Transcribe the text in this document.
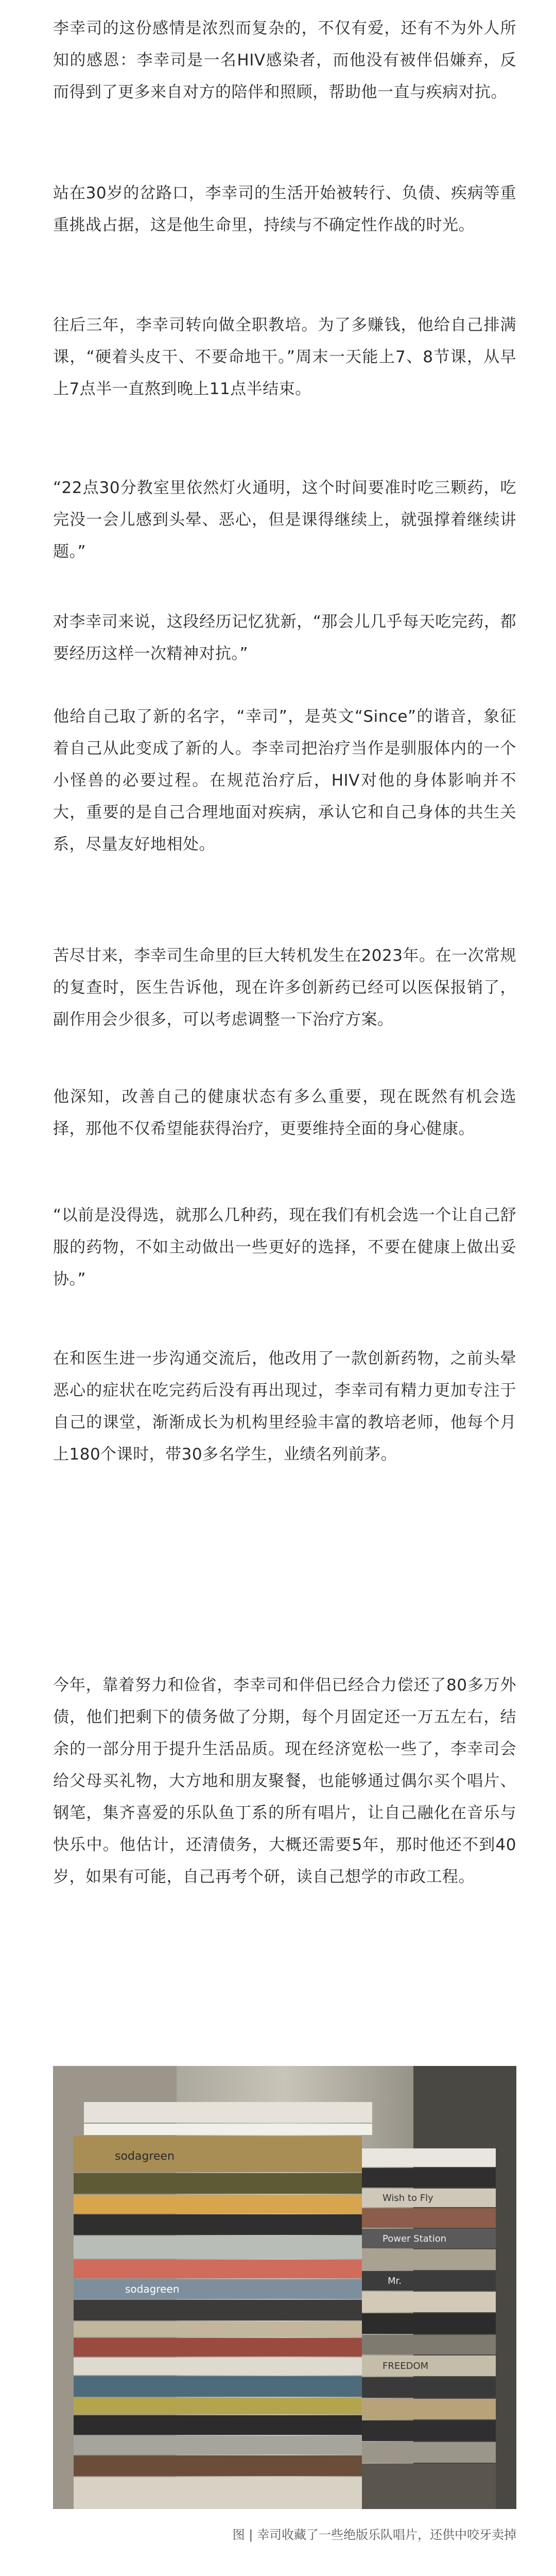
李幸司的这份感情是浓烈而复杂的，不仅有爱，还有不为外人所知的感恩：李幸司是一名HIV感染者，而他没有被伴侣嫌弃，反而得到了更多来自对方的陪伴和照顾，帮助他一直与疾病对抗。

站在30岁的岔路口，李幸司的生活开始被转行、负债、疾病等重重挑战占据，这是他生命里，持续与不确定性作战的时光。

往后三年，李幸司转向做全职教培。为了多赚钱，他给自己排满课，“硬着头皮干、不要命地干。”周末一天能上7、8节课，从早上7点半一直熬到晚上11点半结束。

“22点30分教室里依然灯火通明，这个时间要准时吃三颗药，吃完没一会儿感到头晕、恶心，但是课得继续上，就强撑着继续讲题。”

对李幸司来说，这段经历记忆犹新，“那会儿几乎每天吃完药，都要经历这样一次精神对抗。”

他给自己取了新的名字，“幸司”，是英文“Since”的谐音，象征着自己从此变成了新的人。李幸司把治疗当作是驯服体内的一个小怪兽的必要过程。在规范治疗后，HIV对他的身体影响并不大，重要的是自己合理地面对疾病，承认它和自己身体的共生关系，尽量友好地相处。

苦尽甘来，李幸司生命里的巨大转机发生在2023年。在一次常规的复查时，医生告诉他，现在许多创新药已经可以医保报销了，副作用会少很多，可以考虑调整一下治疗方案。

他深知，改善自己的健康状态有多么重要，现在既然有机会选择，那他不仅希望能获得治疗，更要维持全面的身心健康。

“以前是没得选，就那么几种药，现在我们有机会选一个让自己舒服的药物，不如主动做出一些更好的选择，不要在健康上做出妥协。”

在和医生进一步沟通交流后，他改用了一款创新药物，之前头晕恶心的症状在吃完药后没有再出现过，李幸司有精力更加专注于自己的课堂，渐渐成长为机构里经验丰富的教培老师，他每个月上180个课时，带30多名学生，业绩名列前茅。

今年，靠着努力和俭省，李幸司和伴侣已经合力偿还了80多万外债，他们把剩下的债务做了分期，每个月固定还一万五左右，结余的一部分用于提升生活品质。现在经济宽松一些了，李幸司会给父母买礼物，大方地和朋友聚餐，也能够通过偶尔买个唱片、钢笔，集齐喜爱的乐队鱼丁系的所有唱片，让自己融化在音乐与快乐中。他估计，还清债务，大概还需要5年，那时他还不到40岁，如果有可能，自己再考个研，读自己想学的市政工程。

sodagreen
sodagreen
Wish to Fly
Power Station
Mr.
FREEDOM
图 | 幸司收藏了一些绝版乐队唱片，还供中咬牙卖掉
